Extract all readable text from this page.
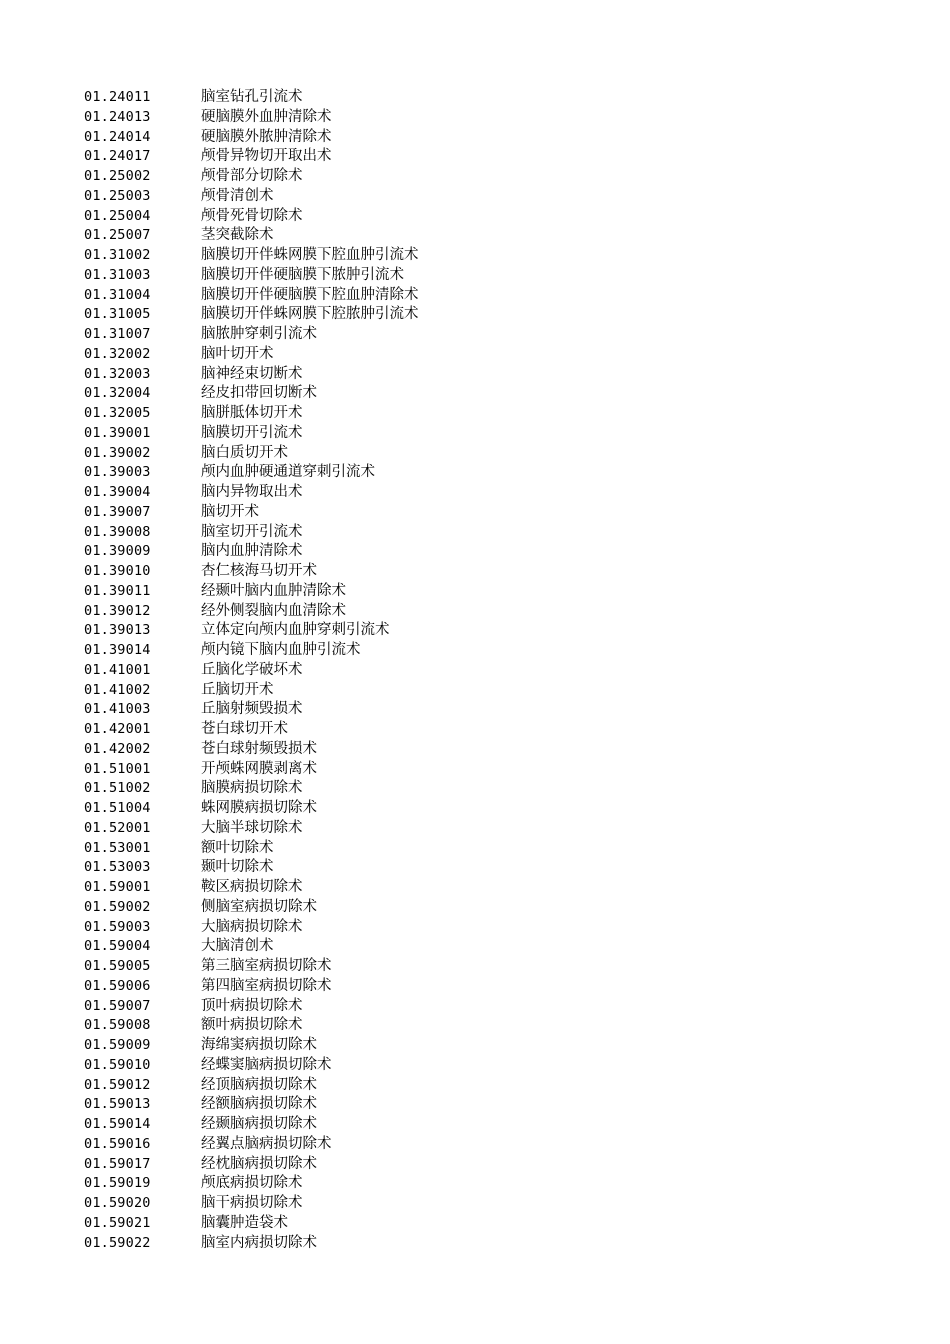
01.24011	脑室钻孔引流术
01.24013	硬脑膜外血肿清除术
01.24014	硬脑膜外脓肿清除术
01.24017	颅骨异物切开取出术
01.25002	颅骨部分切除术
01.25003	颅骨清创术
01.25004	颅骨死骨切除术
01.25007	茎突截除术
01.31002	脑膜切开伴蛛网膜下腔血肿引流术
01.31003	脑膜切开伴硬脑膜下脓肿引流术
01.31004	脑膜切开伴硬脑膜下腔血肿清除术
01.31005	脑膜切开伴蛛网膜下腔脓肿引流术
01.31007	脑脓肿穿刺引流术
01.32002	脑叶切开术
01.32003	脑神经束切断术
01.32004	经皮扣带回切断术
01.32005	脑胼胝体切开术
01.39001	脑膜切开引流术
01.39002	脑白质切开术
01.39003	颅内血肿硬通道穿刺引流术
01.39004	脑内异物取出术
01.39007	脑切开术
01.39008	脑室切开引流术
01.39009	脑内血肿清除术
01.39010	杏仁核海马切开术
01.39011	经颞叶脑内血肿清除术
01.39012	经外侧裂脑内血清除术
01.39013	立体定向颅内血肿穿刺引流术
01.39014	颅内镜下脑内血肿引流术
01.41001	丘脑化学破坏术
01.41002	丘脑切开术
01.41003	丘脑射频毁损术
01.42001	苍白球切开术
01.42002	苍白球射频毁损术
01.51001	开颅蛛网膜剥离术
01.51002	脑膜病损切除术
01.51004	蛛网膜病损切除术
01.52001	大脑半球切除术
01.53001	额叶切除术
01.53003	颞叶切除术
01.59001	鞍区病损切除术
01.59002	侧脑室病损切除术
01.59003	大脑病损切除术
01.59004	大脑清创术
01.59005	第三脑室病损切除术
01.59006	第四脑室病损切除术
01.59007	顶叶病损切除术
01.59008	额叶病损切除术
01.59009	海绵窦病损切除术
01.59010	经蝶窦脑病损切除术
01.59012	经顶脑病损切除术
01.59013	经额脑病损切除术
01.59014	经颞脑病损切除术
01.59016	经翼点脑病损切除术
01.59017	经枕脑病损切除术
01.59019	颅底病损切除术
01.59020	脑干病损切除术
01.59021	脑囊肿造袋术
01.59022	脑室内病损切除术
